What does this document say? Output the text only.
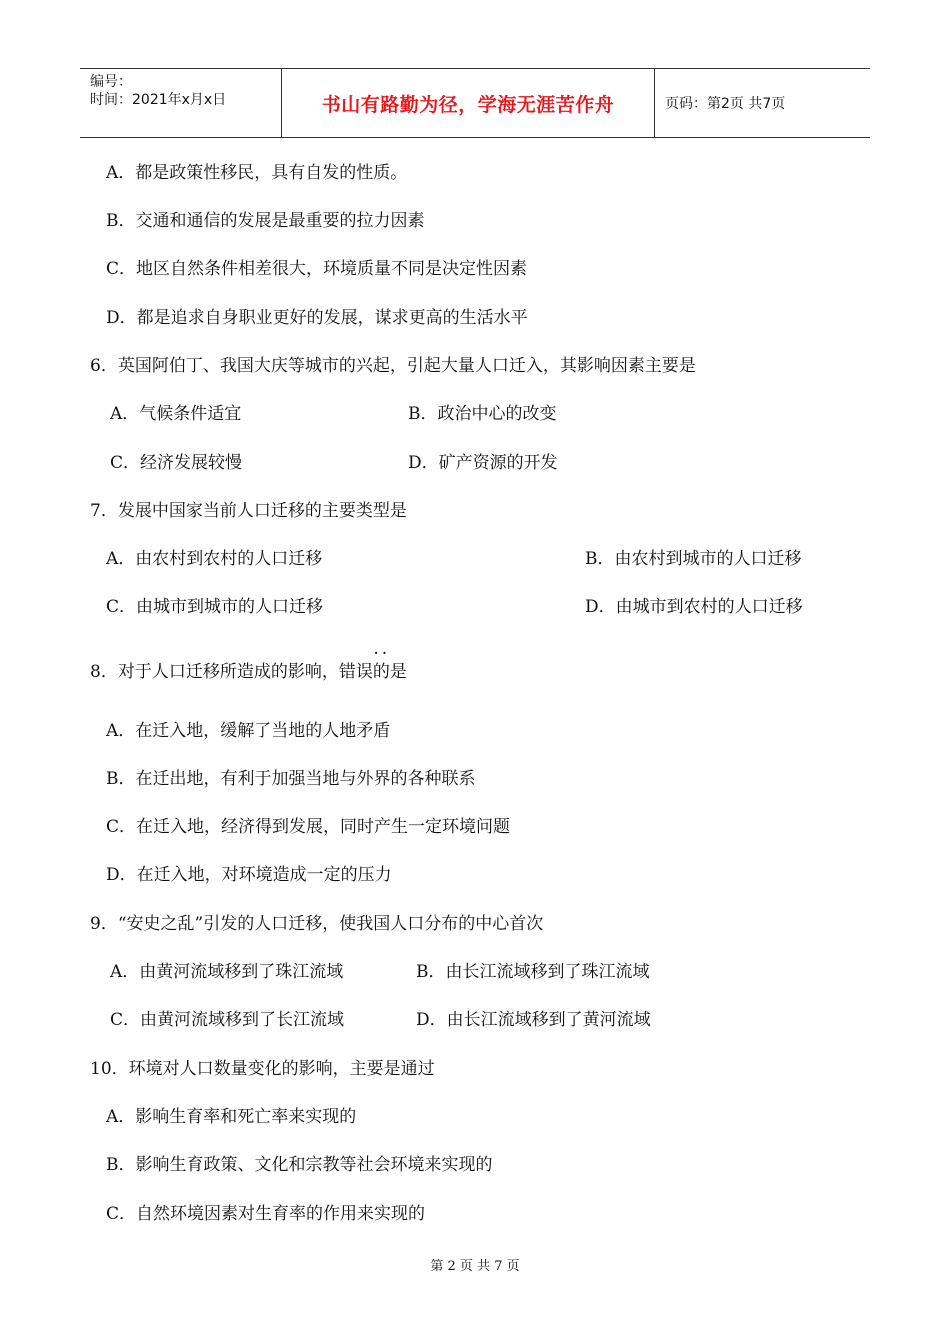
编号：
时间：2021年x月x日	书山有路勤为径，学海无涯苦作舟	页码：第2页 共7页
A．都是政策性移民，具有自发的性质。
B．交通和通信的发展是最重要的拉力因素
C．地区自然条件相差很大，环境质量不同是决定性因素
D．都是追求自身职业更好的发展，谋求更高的生活水平
6．英国阿伯丁、我国大庆等城市的兴起，引起大量人口迁入，其影响因素主要是
A．气候条件适宜	B．政治中心的改变
C．经济发展较慢	D．矿产资源的开发
7．发展中国家当前人口迁移的主要类型是
A．由农村到农村的人口迁移	B．由农村到城市的人口迁移
C．由城市到城市的人口迁移	D．由城市到农村的人口迁移
· ·
8．对于人口迁移所造成的影响，错误的是
A．在迁入地，缓解了当地的人地矛盾
B．在迁出地，有利于加强当地与外界的各种联系
C．在迁入地，经济得到发展，同时产生一定环境问题
D．在迁入地，对环境造成一定的压力
9．“安史之乱”引发的人口迁移，使我国人口分布的中心首次
A．由黄河流域移到了珠江流域	B．由长江流域移到了珠江流域
C．由黄河流域移到了长江流域	D．由长江流域移到了黄河流域
10．环境对人口数量变化的影响，主要是通过
A．影响生育率和死亡率来实现的
B．影响生育政策、文化和宗教等社会环境来实现的
C．自然环境因素对生育率的作用来实现的
第 2 页 共 7 页
